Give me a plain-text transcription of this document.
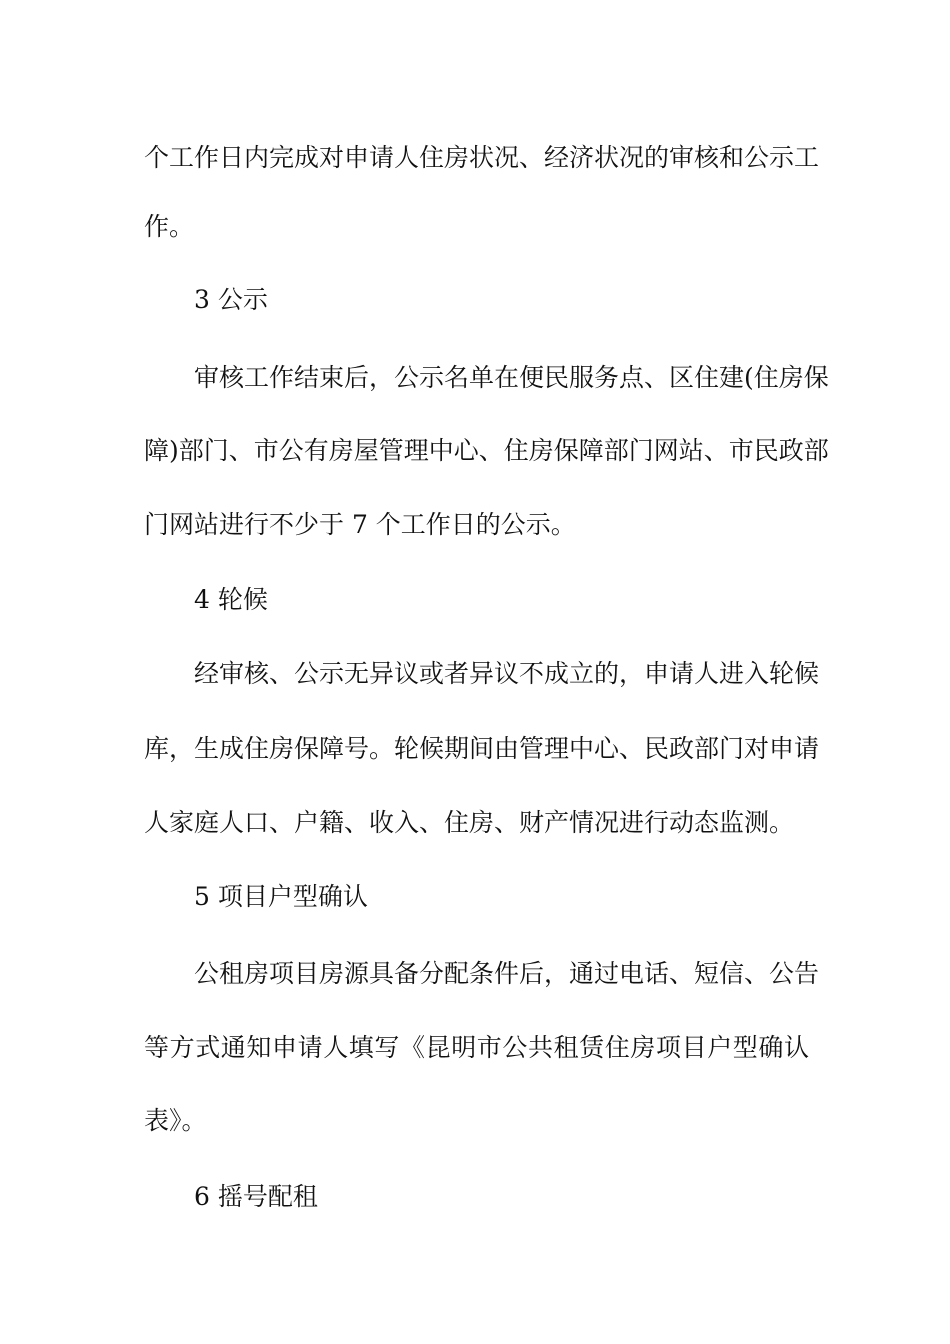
个工作日内完成对申请人住房状况、经济状况的审核和公示工
作。
3 公示
审核工作结束后，公示名单在便民服务点、区住建(住房保
障)部门、市公有房屋管理中心、住房保障部门网站、市民政部
门网站进行不少于 7 个工作日的公示。
4 轮候
经审核、公示无异议或者异议不成立的，申请人进入轮候
库，生成住房保障号。轮候期间由管理中心、民政部门对申请
人家庭人口、户籍、收入、住房、财产情况进行动态监测。
5 项目户型确认
公租房项目房源具备分配条件后，通过电话、短信、公告
等方式通知申请人填写《昆明市公共租赁住房项目户型确认
表》。
6 摇号配租
